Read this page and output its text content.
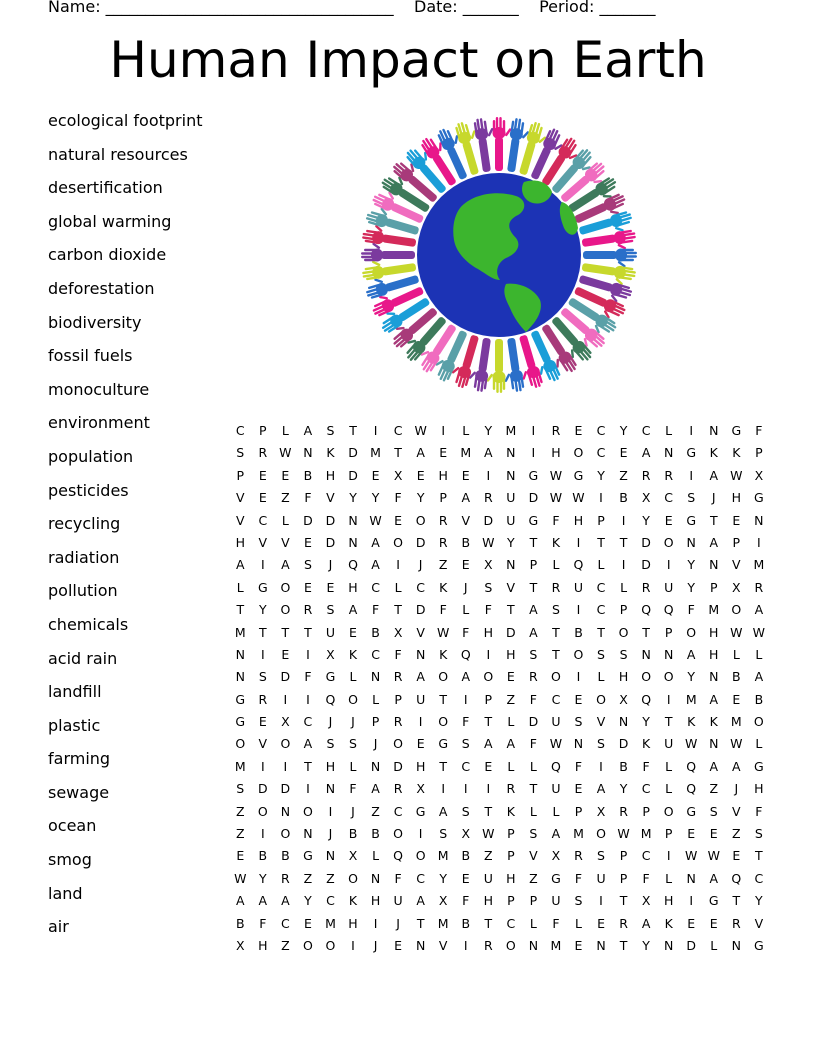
Name: ____________________________________ Date: _______ Period: _______
Human Impact on Earth
ecological footprint
natural resources
desertification
global warming
carbon dioxide
deforestation
biodiversity
fossil fuels
monoculture
environment
population
pesticides
recycling
radiation
pollution
chemicals
acid rain
landfill
plastic
farming
sewage
ocean
smog
land
air
C	P	L	A	S	T	I	C W	I	L	Y	M	I	R	E	C	Y	C	L	I	N	G	F
S	R W N	K	D M	T	A	E	M	A	N	I	H	O	C	E	A	N	G	K	K	P
P	E	E	B	H	D	E	X	E	H	E	I	N	G W G	Y	Z	R	R	I	A W X
V	E	Z	F	V	Y	Y	F	Y	P	A	R	U	D W W	I	B	X	C	S	J	H	G
V	C	L	D	D	N W E	O	R	V	D	U	G	F	H	P	I	Y	E	G	T	E	N
H	V	V	E	D	N	A	O	D	R	B W	Y	T	K	I	T	T	D	O	N	A	P	I
A	I	A	S	J	Q	A	I	J	Z	E	X	N	P	L	Q	L	I	D	I	Y	N	V	M
L	G	O	E	E	H	C	L	C	K	J	S	V	T	R	U	C	L	R	U	Y	P	X	R
T	Y	O	R	S	A	F	T	D	F	L	F	T	A	S	I	C	P	Q	Q	F	M O	A
M	T	T	T	U	E	B	X	V W	F	H	D	A	T	B	T	O	T	P	O	H W W
N	I	E	I	X	K	C	F	N	K	Q	I	H	S	T	O	S	S	N	N	A	H	L	L
N	S	D	F	G	L	N	R	A	O	A	O	E	R	O	I	L	H	O	O	Y	N	B	A
G	R	I	I	Q	O	L	P	U	T	I	P	Z	F	C	E	O	X	Q	I	M	A	E	B
G	E	X	C	J	J	P	R	I	O	F	T	L	D	U	S	V	N	Y	T	K	K	M O
O	V	O	A	S	S	J	O	E	G	S	A	A	F	W N	S	D	K	U W N W	L
M	I	I	T	H	L	N	D	H	T	C	E	L	L	Q	F	I	B	F	L	Q	A	A	G
S	D	D	I	N	F	A	R	X	I	I	I	R	T	U	E	A	Y	C	L	Q	Z	J	H
Z	O	N	O	I	J	Z	C	G	A	S	T	K	L	L	P	X	R	P	O	G	S	V	F
Z	I	O	N	J	B	B	O	I	S	X W	P	S	A	M O W M	P	E	E	Z	S
E	B	B	G	N	X	L	Q	O M	B	Z	P	V	X	R	S	P	C	I	W W E	T
W	Y	R	Z	Z	O	N	F	C	Y	E	U	H	Z	G	F	U	P	F	L	N	A	Q	C
A	A	A	Y	C	K	H	U	A	X	F	H	P	P	U	S	I	T	X	H	I	G	T	Y
B	F	C	E	M H	I	J	T	M	B	T	C	L	F	L	E	R	A	K	E	E	R	V
X	H	Z	O	O	I	J	E	N	V	I	R	O	N M	E	N	T	Y	N	D	L	N	G
